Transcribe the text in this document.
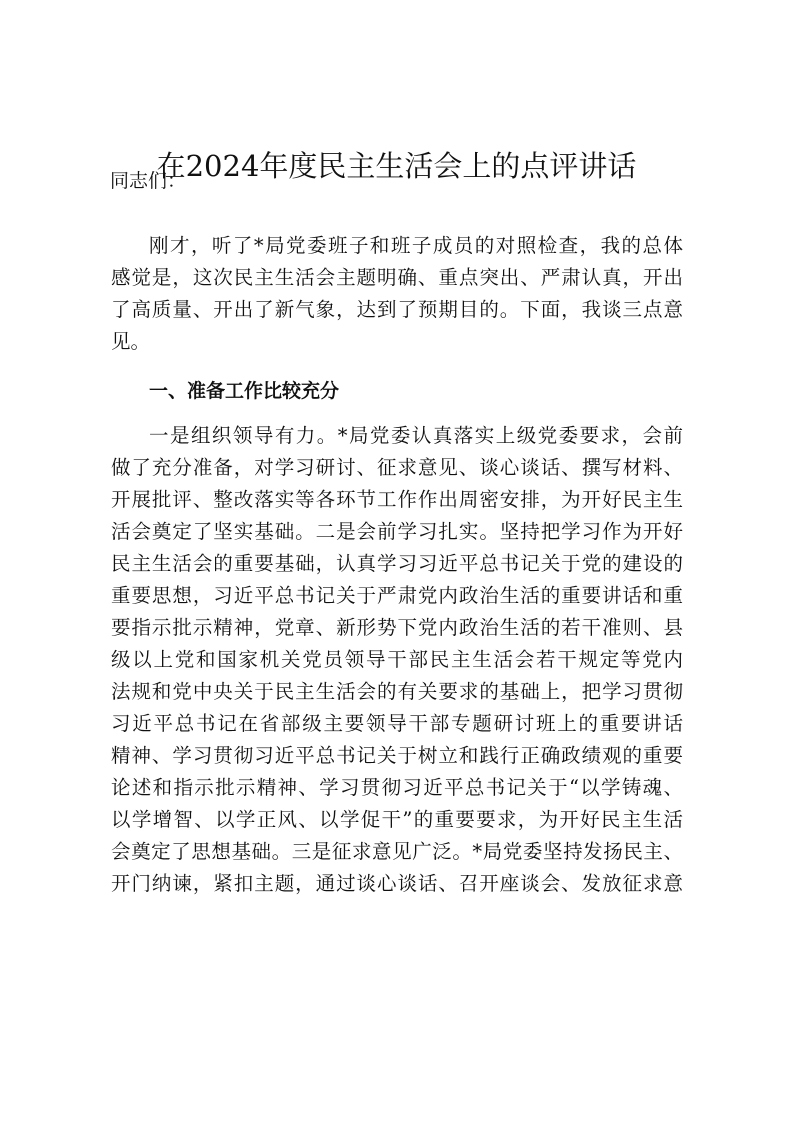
在2024年度民主生活会上的点评讲话
同志们：
刚才，听了*局党委班子和班子成员的对照检查，我的总体
感觉是，这次民主生活会主题明确、重点突出、严肃认真，开出
了高质量、开出了新气象，达到了预期目的。下面，我谈三点意
见。
一、准备工作比较充分
一是组织领导有力。*局党委认真落实上级党委要求，会前
做了充分准备，对学习研讨、征求意见、谈心谈话、撰写材料、
开展批评、整改落实等各环节工作作出周密安排，为开好民主生
活会奠定了坚实基础。二是会前学习扎实。坚持把学习作为开好
民主生活会的重要基础，认真学习习近平总书记关于党的建设的
重要思想，习近平总书记关于严肃党内政治生活的重要讲话和重
要指示批示精神，党章、新形势下党内政治生活的若干准则、县
级以上党和国家机关党员领导干部民主生活会若干规定等党内
法规和党中央关于民主生活会的有关要求的基础上，把学习贯彻
习近平总书记在省部级主要领导干部专题研讨班上的重要讲话
精神、学习贯彻习近平总书记关于树立和践行正确政绩观的重要
论述和指示批示精神、学习贯彻习近平总书记关于“以学铸魂、
以学增智、以学正风、以学促干”的重要要求，为开好民主生活
会奠定了思想基础。三是征求意见广泛。*局党委坚持发扬民主、
开门纳谏，紧扣主题，通过谈心谈话、召开座谈会、发放征求意
